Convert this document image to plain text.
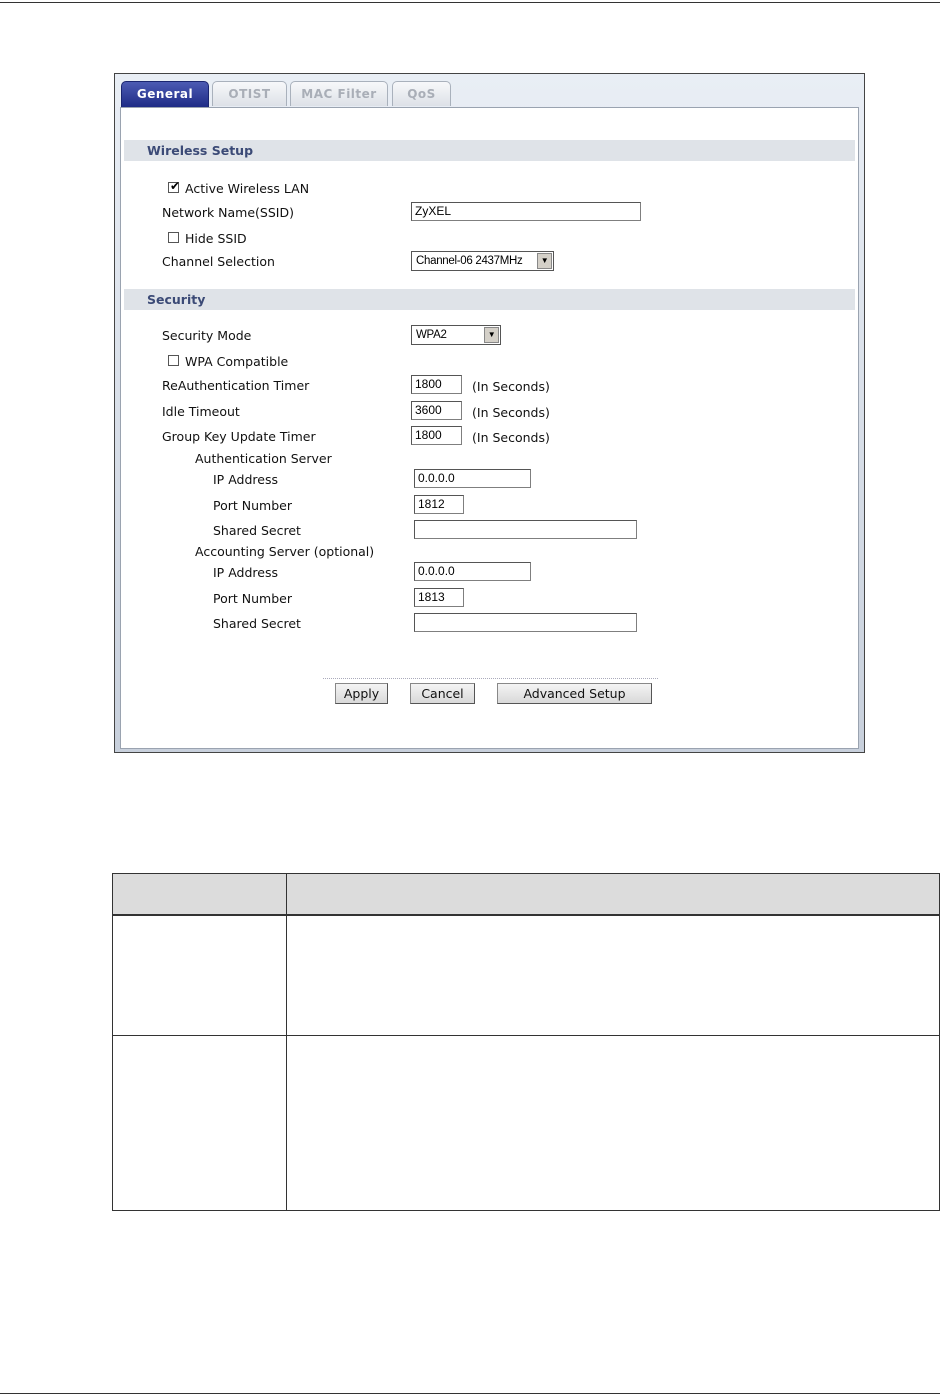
General	OTIST	MAC Filter	QoS
Wireless Setup
✔ Active Wireless LAN
Network Name(SSID)	ZyXEL
Hide SSID
Channel Selection	Channel-06 2437MHz	▼
Security
Security Mode	WPA2	▼
WPA Compatible
ReAuthentication Timer	1800	(In Seconds)
Idle Timeout	3600	(In Seconds)
Group Key Update Timer	1800	(In Seconds)
Authentication Server
IP Address	0.0.0.0
Port Number	1812
Shared Secret
Accounting Server (optional)
IP Address	0.0.0.0
Port Number	1813
Shared Secret
Apply	Cancel	Advanced Setup
